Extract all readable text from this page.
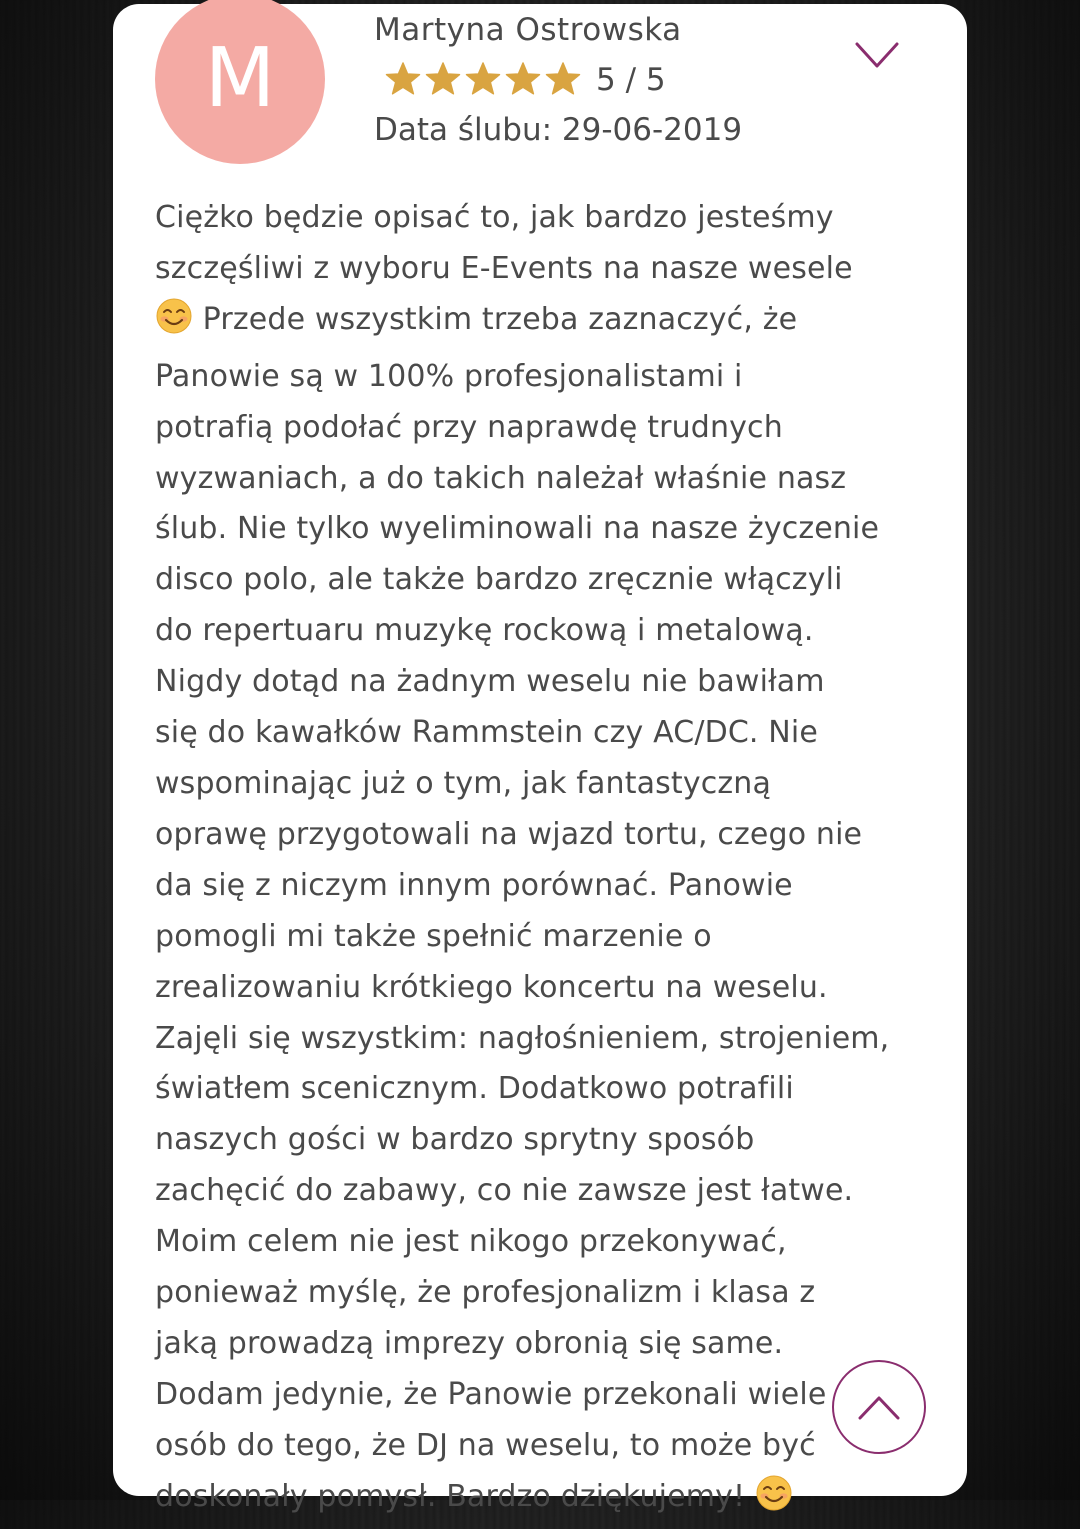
M
Martyna Ostrowska
5 / 5
Data ślubu: 29-06-2019
Ciężko będzie opisać to, jak bardzo jesteśmy
szczęśliwi z wyboru E-Events na nasze wesele
Przede wszystkim trzeba zaznaczyć, że
Panowie są w 100% profesjonalistami i
potrafią podołać przy naprawdę trudnych
wyzwaniach, a do takich należał właśnie nasz
ślub. Nie tylko wyeliminowali na nasze życzenie
disco polo, ale także bardzo zręcznie włączyli
do repertuaru muzykę rockową i metalową.
Nigdy dotąd na żadnym weselu nie bawiłam
się do kawałków Rammstein czy AC/DC. Nie
wspominając już o tym, jak fantastyczną
oprawę przygotowali na wjazd tortu, czego nie
da się z niczym innym porównać. Panowie
pomogli mi także spełnić marzenie o
zrealizowaniu krótkiego koncertu na weselu.
Zajęli się wszystkim: nagłośnieniem, strojeniem,
światłem scenicznym. Dodatkowo potrafili
naszych gości w bardzo sprytny sposób
zachęcić do zabawy, co nie zawsze jest łatwe.
Moim celem nie jest nikogo przekonywać,
ponieważ myślę, że profesjonalizm i klasa z
jaką prowadzą imprezy obronią się same.
Dodam jedynie, że Panowie przekonali wiele
osób do tego, że DJ na weselu, to może być
doskonały pomysł. Bardzo dziękujemy!
